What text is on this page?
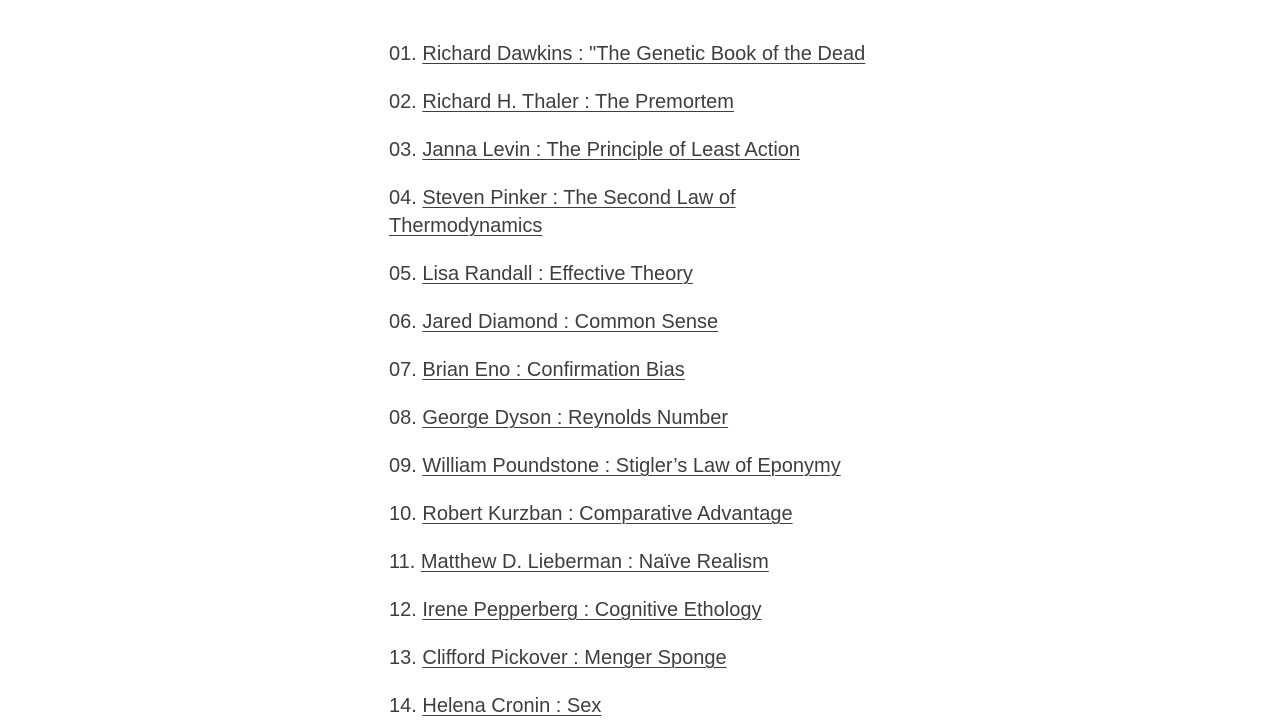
01. Richard Dawkins : "The Genetic Book of the Dead
02. Richard H. Thaler : The Premortem
03. Janna Levin : The Principle of Least Action
04. Steven Pinker : The Second Law of Thermodynamics
05. Lisa Randall : Effective Theory
06. Jared Diamond : Common Sense
07. Brian Eno : Confirmation Bias
08. George Dyson : Reynolds Number
09. William Poundstone : Stigler’s Law of Eponymy
10. Robert Kurzban : Comparative Advantage
11. Matthew D. Lieberman : Naïve Realism
12. Irene Pepperberg : Cognitive Ethology
13. Clifford Pickover : Menger Sponge
14. Helena Cronin : Sex
